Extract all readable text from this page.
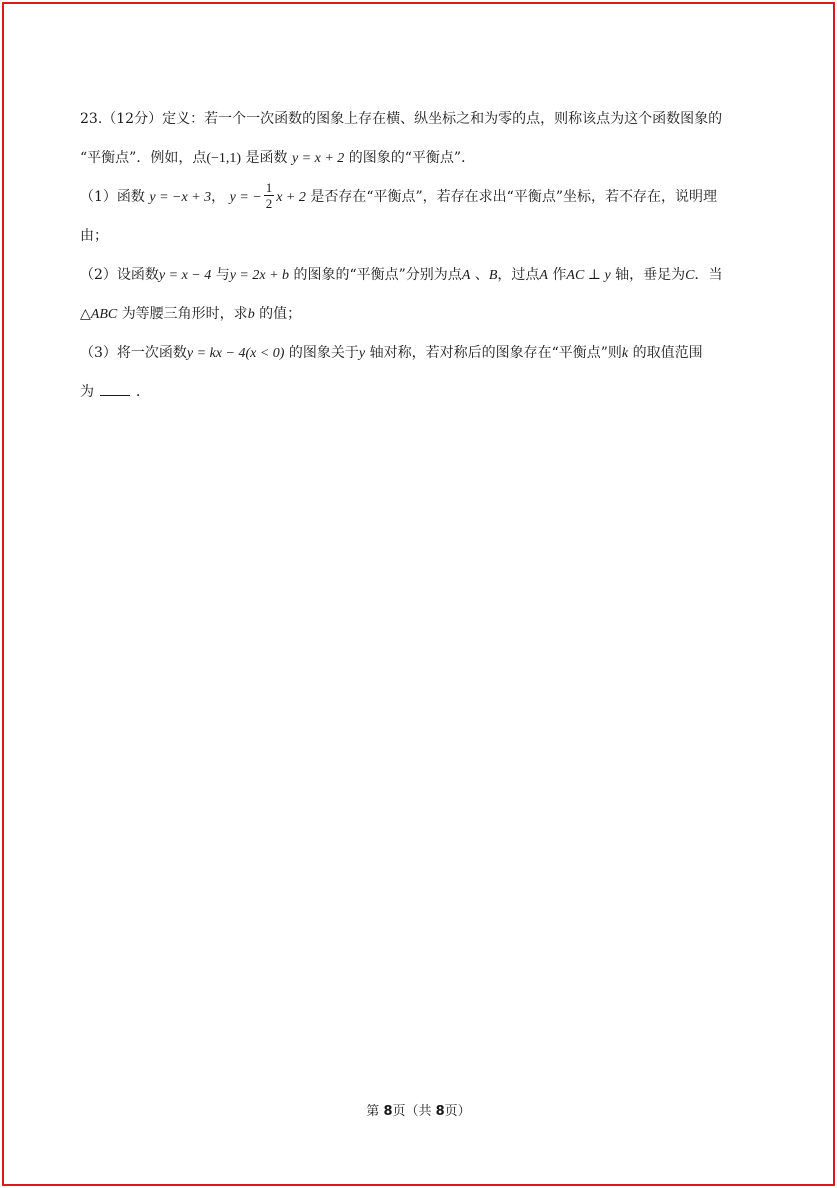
23.（12分）定义：若一个一次函数的图象上存在横、纵坐标之和为零的点，则称该点为这个函数图象的
“平衡点”．例如，点(−1,1) 是函数 y = x + 2 的图象的“平衡点”．
（1）函数 y = −x + 3， y = − $\frac{1}{2}$ x + 2 是否存在“平衡点”，若存在求出“平衡点”坐标，若不存在，说明理
由；
（2）设函数y = x − 4 与y = 2x + b 的图象的“平衡点”分别为点A 、B，过点A 作AC ⊥ y 轴，垂足为C．当
△ABC 为等腰三角形时，求b 的值；
（3）将一次函数y = kx − 4(x < 0) 的图象关于y 轴对称，若对称后的图象存在“平衡点”则k 的取值范围
为	．
第 8页（共 8页）
